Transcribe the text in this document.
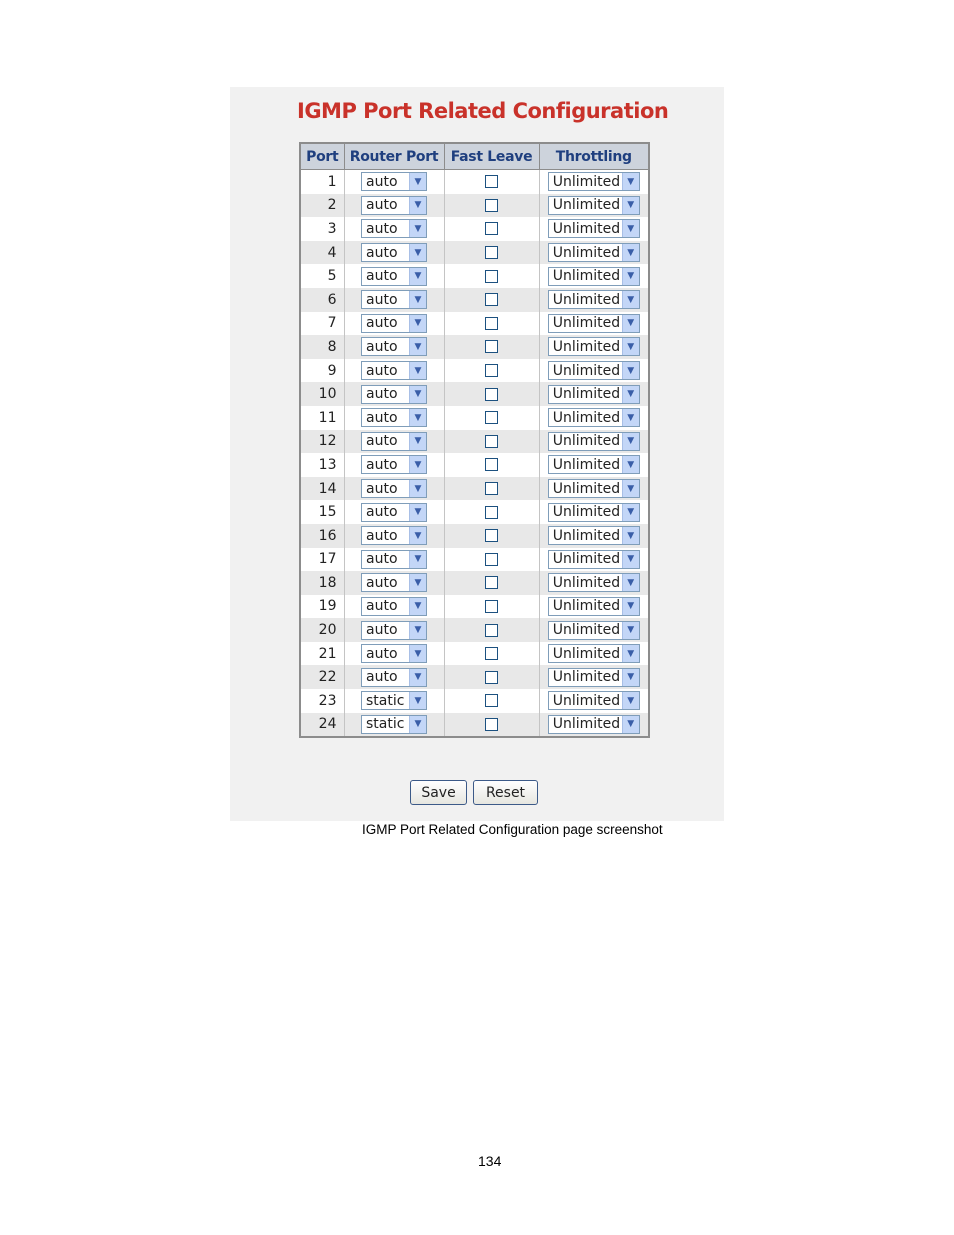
IGMP Port Related Configuration
Port	Router Port	Fast Leave	Throttling
1	auto ▼		Unlimited ▼

2	auto ▼		Unlimited ▼

3	auto ▼		Unlimited ▼

4	auto ▼		Unlimited ▼

5	auto ▼		Unlimited ▼

6	auto ▼		Unlimited ▼

7	auto ▼		Unlimited ▼

8	auto ▼		Unlimited ▼

9	auto ▼		Unlimited ▼

10	auto ▼		Unlimited ▼

11	auto ▼		Unlimited ▼

12	auto ▼		Unlimited ▼

13	auto ▼		Unlimited ▼

14	auto ▼		Unlimited ▼

15	auto ▼		Unlimited ▼

16	auto ▼		Unlimited ▼

17	auto ▼		Unlimited ▼

18	auto ▼		Unlimited ▼

19	auto ▼		Unlimited ▼

20	auto ▼		Unlimited ▼

21	auto ▼		Unlimited ▼

22	auto ▼		Unlimited ▼

23	static ▼		Unlimited ▼

24	static ▼		Unlimited ▼
Save	Reset
IGMP Port Related Configuration page screenshot
134
